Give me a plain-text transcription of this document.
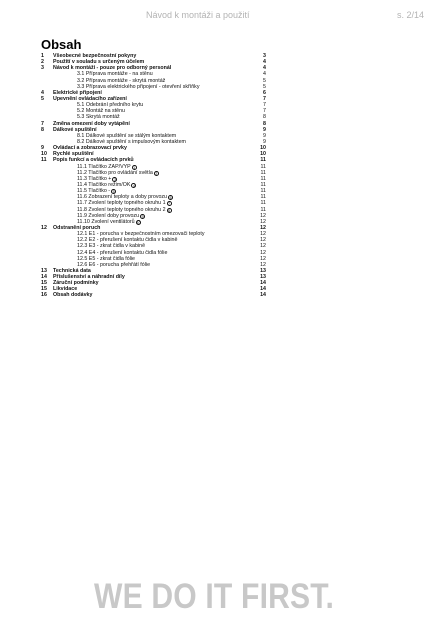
Návod k montáži a použití	s. 2/14
Obsah
1 Všeobecné bezpečnostní pokyny	3
2 Použití v souladu s určeným účelem	4
3 Návod k montáži - pouze pro odborný personál	4
3.1 Příprava montáže - na stěnu	4
3.2 Příprava montáže - skrytá montáž	5
3.3 Příprava elektrického připojení - otevření skříňky	5
4 Elektrické připojení	6
5 Upevnění ovládacího zařízení	7
5.1 Odebrání předního krytu	7
5.2 Montáž na stěnu	7
5.3 Skrytá montáž	8
7 Změna omezení doby vytápění	8
8 Dálkové spuštění	9
8.1 Dálkové spuštění se stálým kontaktem	9
8.2 Dálkové spuštění s impulsovým kontaktem	9
9 Ovládací a zobrazovací prvky	10
10 Rychlé spuštění	10
11 Popis funkcí a ovládacích prvků	11
11.1 Tlačítko ZAP/VYP 1	11
11.2 Tlačítko pro ovládání světla 2	11
11.3 Tlačítko + 3	11
11.4 Tlačítko režim/OK 4	11
11.5 Tlačítko - 5	11
11.6 Zobrazení teploty a doby provozu 6	11
11.7 Zvolení teploty topného okruhu 1 7	11
11.8 Zvolení teploty topného okruhu 2 8	11
11.9 Zvolení doby provozu 9	12
11.10 Zvolení ventilátorů 10	12
12 Odstranění poruch	12
12.1 E1 - porucha v bezpečnostním omezovači teploty	12
12.2 E2 - přerušení kontaktu čidla v kabině	12
12.3 E3 - zkrat čidla v kabině	12
12.4 E4 - přerušení kontaktu čidla fólie	12
12.5 E5 - zkrat čidla fólie	12
12.6 E6 - porucha přehřátí fólie	12
13 Technická data	13
14 Příslušenství a náhradní díly	13
15 Záruční podmínky	14
15 Likvidace	14
16 Obsah dodávky	14
WE DO IT FIRST.
